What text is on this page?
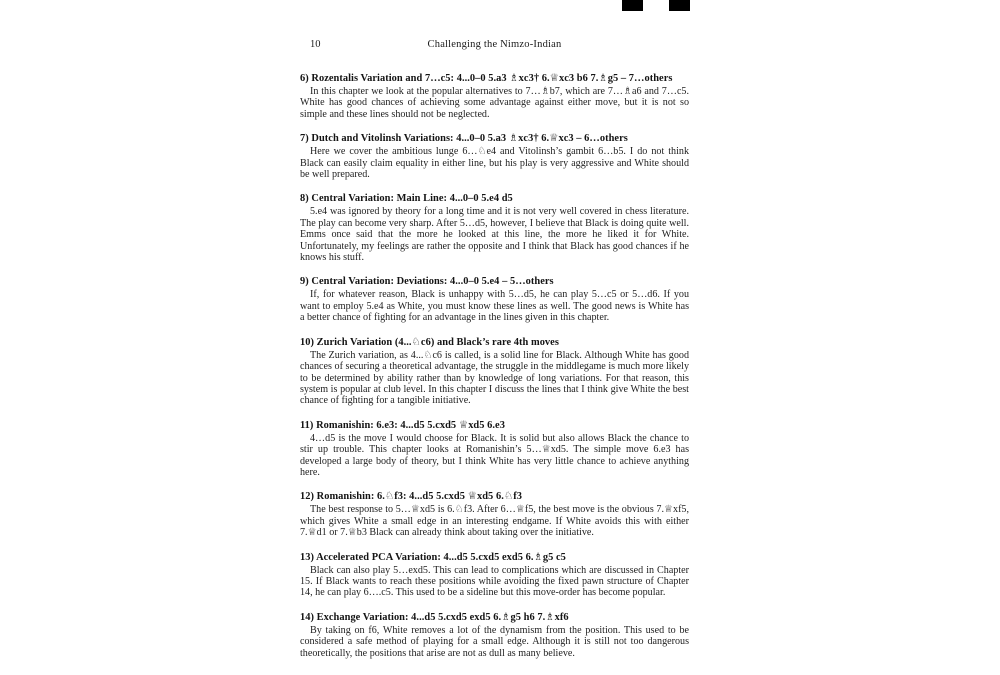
10	Challenging the Nimzo-Indian
6) Rozentalis Variation and 7…c5: 4...0–0 5.a3 ♗xc3† 6.♕xc3 b6 7.♗g5 – 7…others

In this chapter we look at the popular alternatives to 7…♗b7, which are 7…♗a6 and 7…c5. White has good chances of achieving some advantage against either move, but it is not so simple and these lines should not be neglected.

7) Dutch and Vitolinsh Variations: 4...0–0 5.a3 ♗xc3† 6.♕xc3 – 6…others

Here we cover the ambitious lunge 6…♘e4 and Vitolinsh’s gambit 6…b5. I do not think Black can easily claim equality in either line, but his play is very aggressive and White should be well prepared.

8) Central Variation: Main Line: 4...0–0 5.e4 d5

5.e4 was ignored by theory for a long time and it is not very well covered in chess literature. The play can become very sharp. After 5…d5, however, I believe that Black is doing quite well. Emms once said that the more he looked at this line, the more he liked it for White. Unfortunately, my feelings are rather the opposite and I think that Black has good chances if he knows his stuff.

9) Central Variation: Deviations: 4...0–0 5.e4 – 5…others

If, for whatever reason, Black is unhappy with 5…d5, he can play 5…c5 or 5…d6. If you want to employ 5.e4 as White, you must know these lines as well. The good news is White has a better chance of fighting for an advantage in the lines given in this chapter.

10) Zurich Variation (4...♘c6) and Black’s rare 4th moves

The Zurich variation, as 4...♘c6 is called, is a solid line for Black. Although White has good chances of securing a theoretical advantage, the struggle in the middlegame is much more likely to be determined by ability rather than by knowledge of long variations. For that reason, this system is popular at club level. In this chapter I discuss the lines that I think give White the best chance of fighting for a tangible initiative.

11) Romanishin: 6.e3: 4...d5 5.cxd5 ♕xd5 6.e3

4…d5 is the move I would choose for Black. It is solid but also allows Black the chance to stir up trouble. This chapter looks at Romanishin’s 5…♕xd5. The simple move 6.e3 has developed a large body of theory, but I think White has very little chance to achieve anything here.

12) Romanishin: 6.♘f3: 4...d5 5.cxd5 ♕xd5 6.♘f3

The best response to 5…♕xd5 is 6.♘f3. After 6…♕f5, the best move is the obvious 7.♕xf5, which gives White a small edge in an interesting endgame. If White avoids this with either 7.♕d1 or 7.♕b3 Black can already think about taking over the initiative.

13) Accelerated PCA Variation: 4...d5 5.cxd5 exd5 6.♗g5 c5

Black can also play 5…exd5. This can lead to complications which are discussed in Chapter 15. If Black wants to reach these positions while avoiding the fixed pawn structure of Chapter 14, he can play 6….c5. This used to be a sideline but this move-order has become popular.

14) Exchange Variation: 4...d5 5.cxd5 exd5 6.♗g5 h6 7.♗xf6

By taking on f6, White removes a lot of the dynamism from the position. This used to be considered a safe method of playing for a small edge. Although it is still not too dangerous theoretically, the positions that arise are not as dull as many believe.
